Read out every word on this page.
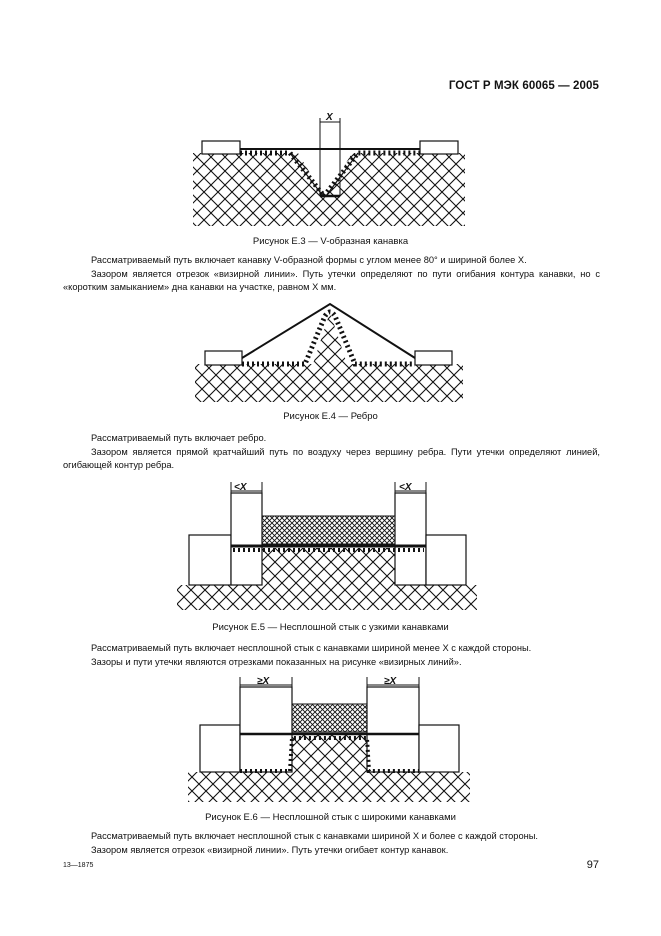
ГОСТ Р МЭК 60065 — 2005
X
Рисунок Е.3 — V-образная канавка

Рассматриваемый путь включает канавку V-образной формы с углом менее 80° и шириной более X.

Зазором является отрезок «визирной линии». Путь утечки определяют по пути огибания контура канавки, но с «коротким замыканием» дна канавки на участке, равном X мм.

Рисунок Е.4 — Ребро

Рассматриваемый путь включает ребро.

Зазором является прямой кратчайший путь по воздуху через вершину ребра. Пути утечки определяют линией, огибающей контур ребра.

<X	<X
Рисунок Е.5 — Несплошной стык с узкими канавками

Рассматриваемый путь включает несплошной стык с канавками шириной менее X с каждой стороны.

Зазоры и пути утечки являются отрезками показанных на рисунке «визирных линий».

≥X	≥X
Рисунок Е.6 — Несплошной стык с широкими канавками

Рассматриваемый путь включает несплошной стык с канавками шириной X и более с каждой стороны.

Зазором является отрезок «визирной линии». Путь утечки огибает контур канавок.

13—1875	97
